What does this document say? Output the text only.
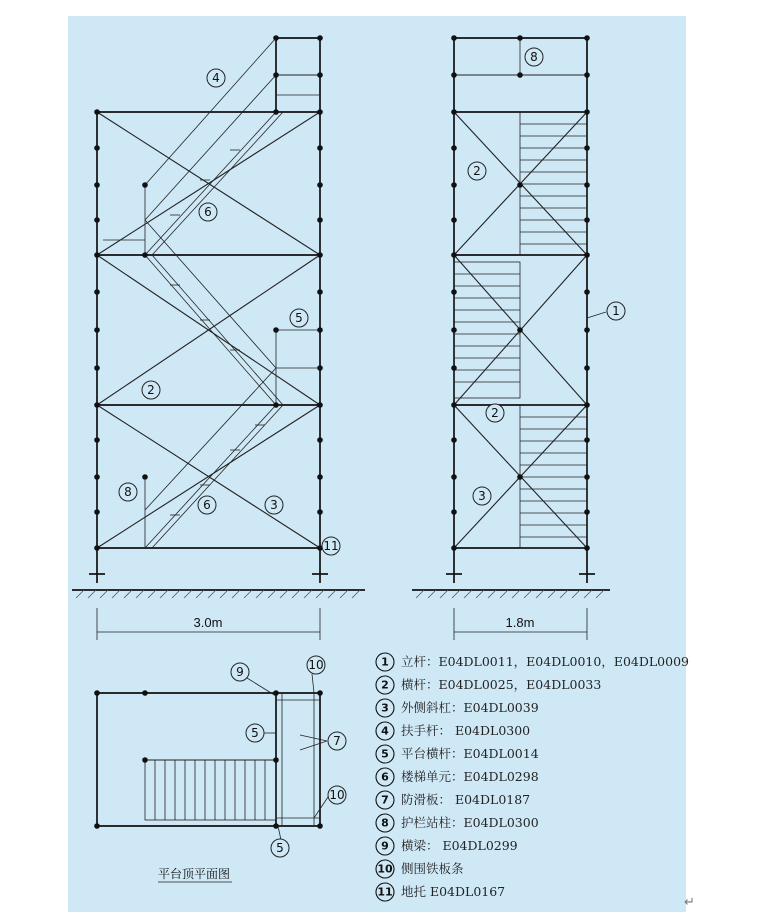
3.0m
4
6
5
2
8
6	3
11
1.8m
8
2
1
2
3
9	10
5
7
10
5
平台顶平面图
1 立杆：E04DL0011，E04DL0010，E04DL0009
2 横杆：E04DL0025，E04DL0033
3 外侧斜杠：E04DL0039
4 扶手杆： E04DL0300
5 平台横杆：E04DL0014
6 楼梯单元：E04DL0298
7 防滑板： E04DL0187
8 护栏站柱：E04DL0300
9 横梁： E04DL0299
10 侧围铁板条
11 地托 E04DL0167
↵
